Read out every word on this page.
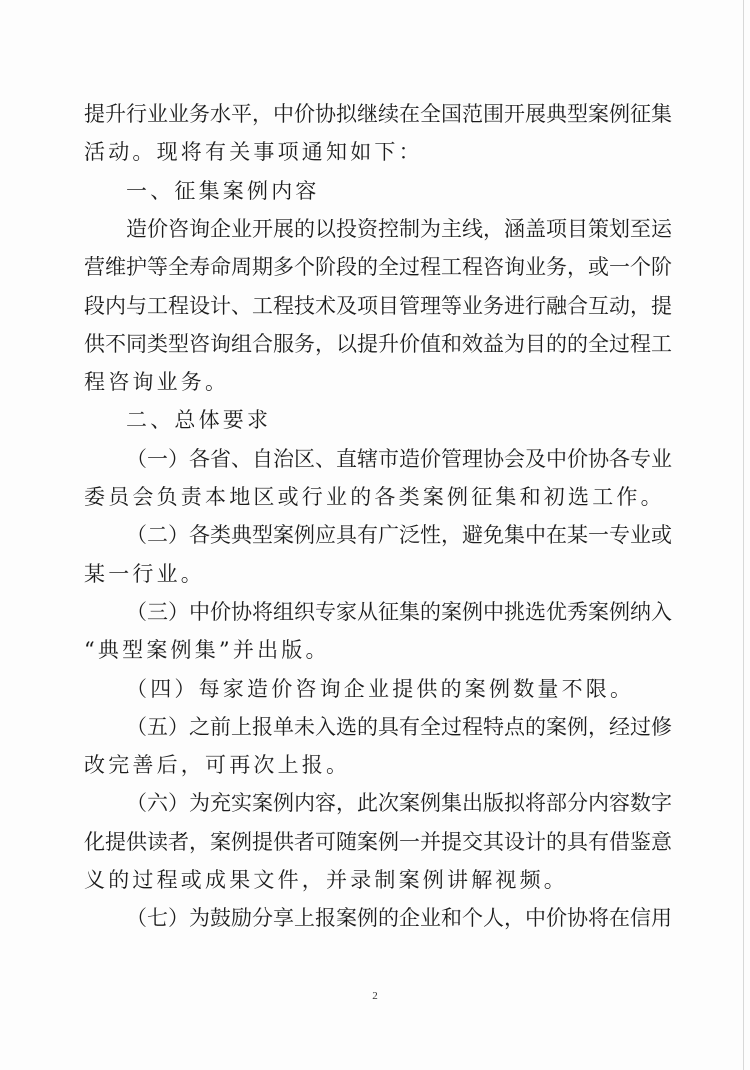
提升行业业务水平，中价协拟继续在全国范围开展典型案例征集
活动。现将有关事项通知如下：
一、征集案例内容
造价咨询企业开展的以投资控制为主线，涵盖项目策划至运
营维护等全寿命周期多个阶段的全过程工程咨询业务，或一个阶
段内与工程设计、工程技术及项目管理等业务进行融合互动，提
供不同类型咨询组合服务，以提升价值和效益为目的的全过程工
程咨询业务。
二、总体要求
（一）各省、自治区、直辖市造价管理协会及中价协各专业
委员会负责本地区或行业的各类案例征集和初选工作。
（二）各类典型案例应具有广泛性，避免集中在某一专业或
某一行业。
（三）中价协将组织专家从征集的案例中挑选优秀案例纳入
“典型案例集”并出版。
（四）每家造价咨询企业提供的案例数量不限。
（五）之前上报单未入选的具有全过程特点的案例，经过修
改完善后，可再次上报。
2
（六）为充实案例内容，此次案例集出版拟将部分内容数字
化提供读者，案例提供者可随案例一并提交其设计的具有借鉴意
义的过程或成果文件，并录制案例讲解视频。
（七）为鼓励分享上报案例的企业和个人，中价协将在信用
